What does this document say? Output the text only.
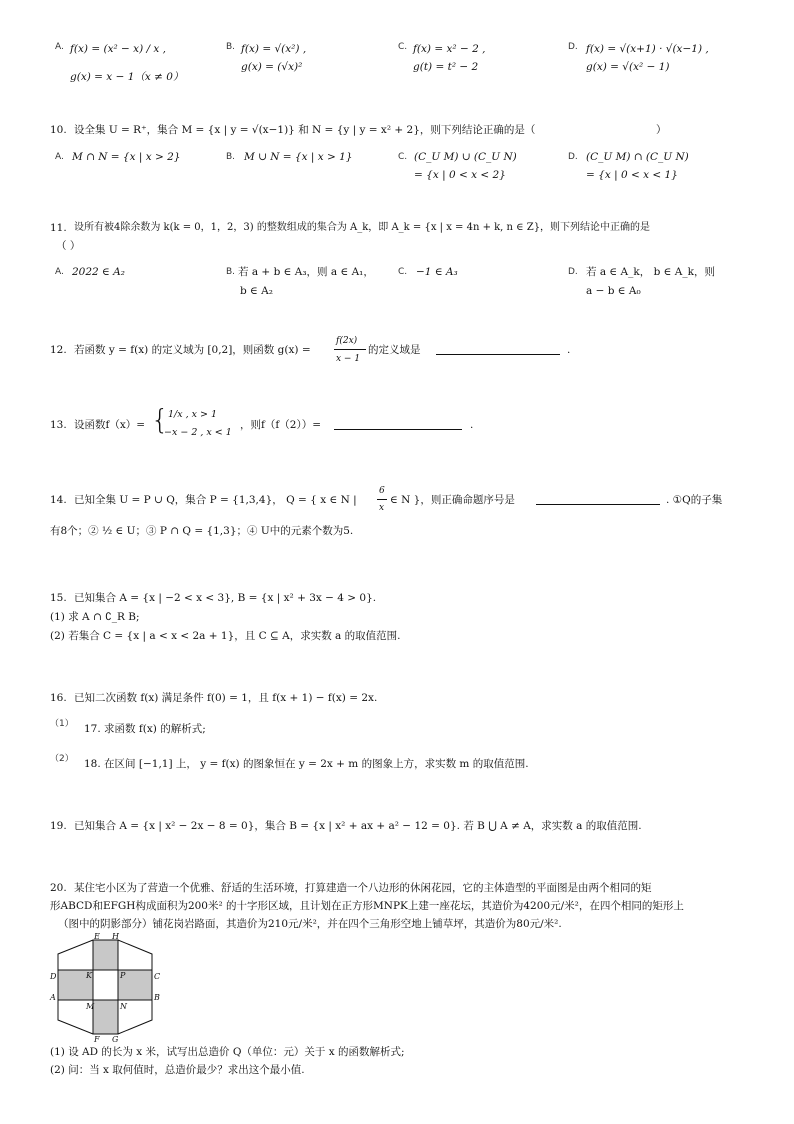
A. f(x) = (x² − x) / x ,
g(x) = x − 1（x ≠ 0）
B. f(x) = √(x²) ,
g(x) = (√x)²
C. f(x) = x² − 2 ,
g(t) = t² − 2
D. f(x) = √(x+1) · √(x−1) ,
g(x) = √(x² − 1)
10. 设全集 U = R⁺，集合 M = {x | y = √(x−1)} 和 N = {y | y = x² + 2}，则下列结论正确的是（	）
A. M ∩ N = {x | x > 2}	B. M ∪ N = {x | x > 1}	C. (C_U M) ∪ (C_U N)
= {x | 0 < x < 2}
D. (C_U M) ∩ (C_U N)
= {x | 0 < x < 1}
11. 设所有被4除余数为 k(k = 0，1，2，3) 的整数组成的集合为 A_k，即 A_k = {x | x = 4n + k, n ∈ Z}，则下列结论中正确的是
（ ）
A. 2022 ∈ A₂	B. 若 a + b ∈ A₃，则 a ∈ A₁，
b ∈ A₂
C. −1 ∈ A₃	D. 若 a ∈ A_k， b ∈ A_k，则
a − b ∈ A₀
12. 若函数 y = f(x) 的定义域为 [0,2]，则函数 g(x) =
f(2x)
x − 1
的定义域是	.
13. 设函数f（x）= { 1/x , x > 1
−x − 2 , x < 1
，则f（f（2））=	.
14. 已知全集 U = P ∪ Q，集合 P = {1,3,4}， Q = { x ∈ N |
6
x
∈ N }，则正确命题序号是	. ①Q的子集
有8个；② ½ ∈ U；③ P ∩ Q = {1,3}；④ U中的元素个数为5.
15. 已知集合 A = {x | −2 < x < 3}, B = {x | x² + 3x − 4 > 0}.
(1) 求 A ∩ ∁_R B;
(2) 若集合 C = {x | a < x < 2a + 1}，且 C ⊆ A，求实数 a 的取值范围.
16. 已知二次函数 f(x) 满足条件 f(0) = 1，且 f(x + 1) − f(x) = 2x.
（1） 17. 求函数 f(x) 的解析式;
（2） 18. 在区间 [−1,1] 上， y = f(x) 的图象恒在 y = 2x + m 的图象上方，求实数 m 的取值范围.
19. 已知集合 A = {x | x² − 2x − 8 = 0}，集合 B = {x | x² + ax + a² − 12 = 0}. 若 B ⋃ A ≠ A，求实数 a 的取值范围.
20. 某住宅小区为了营造一个优雅、舒适的生活环境，打算建造一个八边形的休闲花园，它的主体造型的平面图是由两个相同的矩
形ABCD和EFGH构成面积为200米² 的十字形区域，且计划在正方形MNPK上建一座花坛，其造价为4200元/米²，在四个相同的矩形上
（图中的阴影部分）铺花岗岩路面，其造价为210元/米²，并在四个三角形空地上铺草坪，其造价为80元/米².
E H
D	C
A	B
F G
K	P
M	N
(1) 设 AD 的长为 x 米，试写出总造价 Q（单位：元）关于 x 的函数解析式;
(2) 问：当 x 取何值时，总造价最少？求出这个最小值.
